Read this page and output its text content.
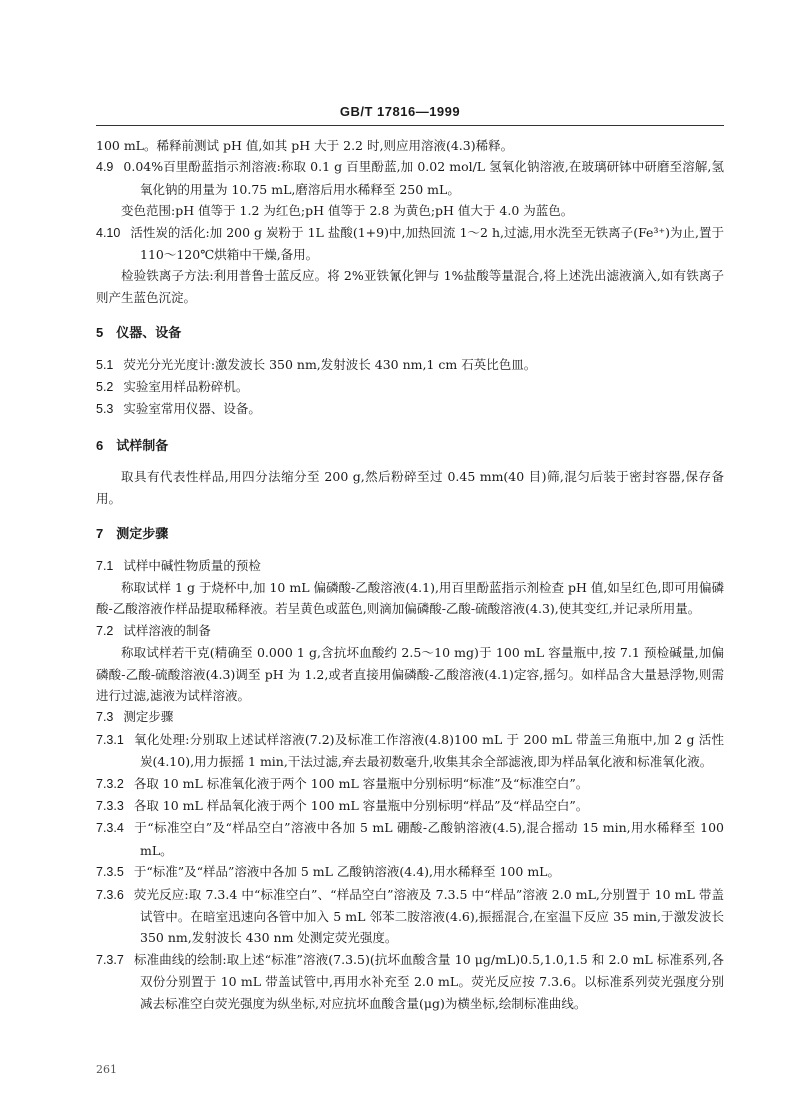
GB/T 17816—1999

100 mL。稀释前测试 pH 值,如其 pH 大于 2.2 时,则应用溶液(4.3)稀释。

4.9 0.04%百里酚蓝指示剂溶液:称取 0.1 g 百里酚蓝,加 0.02 mol/L 氢氧化钠溶液,在玻璃研钵中研磨至溶解,氢氧化钠的用量为 10.75 mL,磨溶后用水稀释至 250 mL。

变色范围:pH 值等于 1.2 为红色;pH 值等于 2.8 为黄色;pH 值大于 4.0 为蓝色。

4.10 活性炭的活化:加 200 g 炭粉于 1L 盐酸(1+9)中,加热回流 1～2 h,过滤,用水洗至无铁离子(Fe³⁺)为止,置于 110～120℃烘箱中干燥,备用。

检验铁离子方法:利用普鲁士蓝反应。将 2%亚铁氰化钾与 1%盐酸等量混合,将上述洗出滤液滴入,如有铁离子则产生蓝色沉淀。

5　仪器、设备

5.1 荧光分光光度计:激发波长 350 nm,发射波长 430 nm,1 cm 石英比色皿。

5.2 实验室用样品粉碎机。

5.3 实验室常用仪器、设备。

6　试样制备

取具有代表性样品,用四分法缩分至 200 g,然后粉碎至过 0.45 mm(40 目)筛,混匀后装于密封容器,保存备用。

7　测定步骤

7.1 试样中碱性物质量的预检

称取试样 1 g 于烧杯中,加 10 mL 偏磷酸-乙酸溶液(4.1),用百里酚蓝指示剂检查 pH 值,如呈红色,即可用偏磷酸-乙酸溶液作样品提取稀释液。若呈黄色或蓝色,则滴加偏磷酸-乙酸-硫酸溶液(4.3),使其变红,并记录所用量。

7.2 试样溶液的制备

称取试样若干克(精确至 0.000 1 g,含抗坏血酸约 2.5～10 mg)于 100 mL 容量瓶中,按 7.1 预检碱量,加偏磷酸-乙酸-硫酸溶液(4.3)调至 pH 为 1.2,或者直接用偏磷酸-乙酸溶液(4.1)定容,摇匀。如样品含大量悬浮物,则需进行过滤,滤液为试样溶液。

7.3 测定步骤

7.3.1 氧化处理:分别取上述试样溶液(7.2)及标准工作溶液(4.8)100 mL 于 200 mL 带盖三角瓶中,加 2 g 活性炭(4.10),用力振摇 1 min,干法过滤,弃去最初数毫升,收集其余全部滤液,即为样品氧化液和标准氧化液。

7.3.2 各取 10 mL 标准氧化液于两个 100 mL 容量瓶中分别标明“标准”及“标准空白”。

7.3.3 各取 10 mL 样品氧化液于两个 100 mL 容量瓶中分别标明“样品”及“样品空白”。

7.3.4 于“标准空白”及“样品空白”溶液中各加 5 mL 硼酸-乙酸钠溶液(4.5),混合摇动 15 min,用水稀释至 100 mL。

7.3.5 于“标准”及“样品”溶液中各加 5 mL 乙酸钠溶液(4.4),用水稀释至 100 mL。

7.3.6 荧光反应:取 7.3.4 中“标准空白”、“样品空白”溶液及 7.3.5 中“样品”溶液 2.0 mL,分别置于 10 mL 带盖试管中。在暗室迅速向各管中加入 5 mL 邻苯二胺溶液(4.6),振摇混合,在室温下反应 35 min,于激发波长 350 nm,发射波长 430 nm 处测定荧光强度。

7.3.7 标准曲线的绘制:取上述“标准”溶液(7.3.5)(抗坏血酸含量 10 μg/mL)0.5,1.0,1.5 和 2.0 mL 标准系列,各双份分别置于 10 mL 带盖试管中,再用水补充至 2.0 mL。荧光反应按 7.3.6。以标准系列荧光强度分别减去标准空白荧光强度为纵坐标,对应抗坏血酸含量(μg)为横坐标,绘制标准曲线。

261
